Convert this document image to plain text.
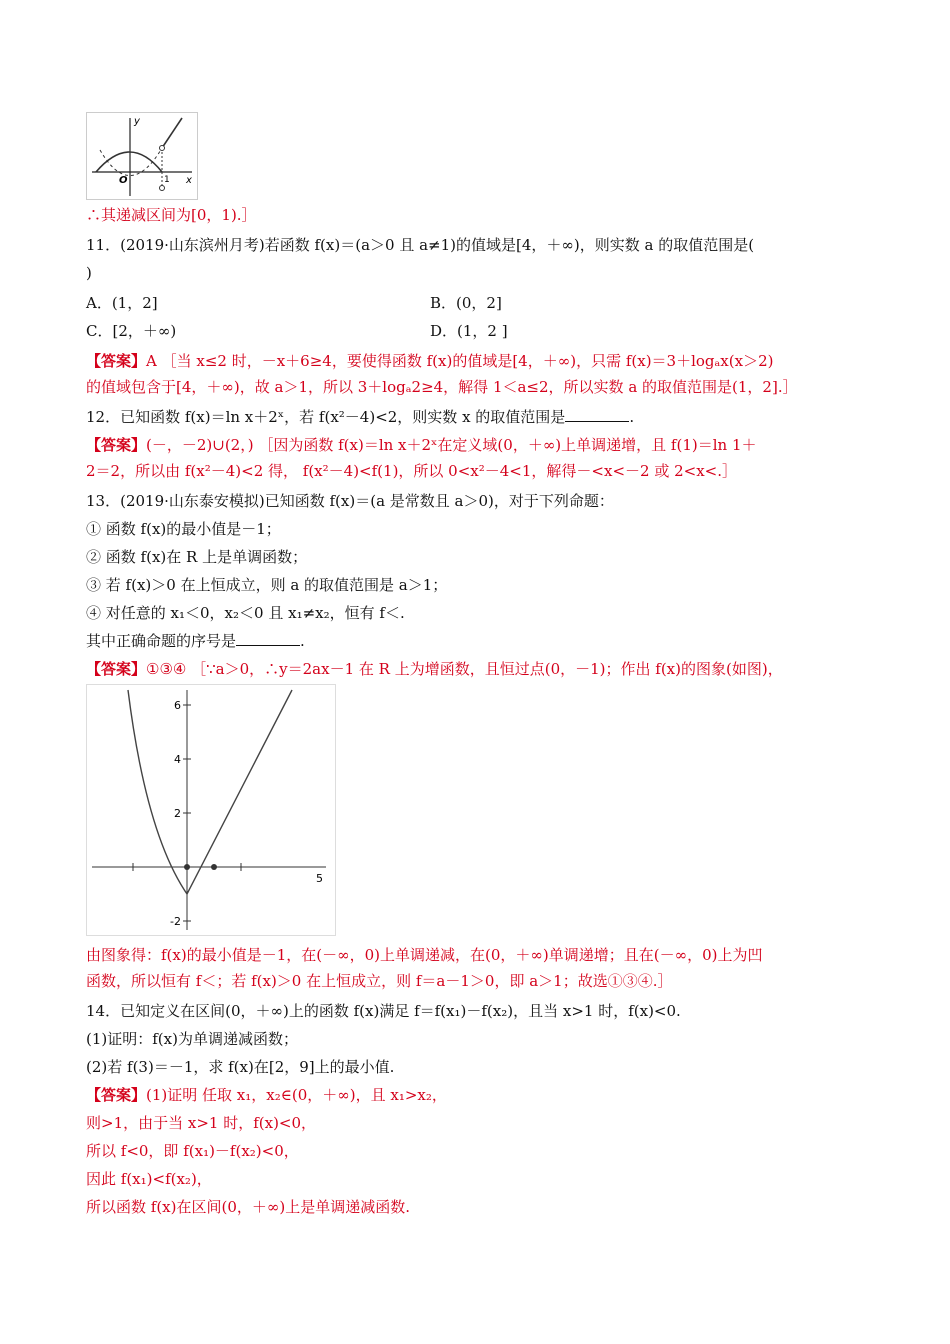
y
x
O	1
∴其递减区间为[0，1).］
11．(2019·山东滨州月考)若函数 f(x)＝(a＞0 且 a≠1)的值域是[4，＋∞)，则实数 a 的取值范围是(
)
A．(1，2]	B．(0，2]
C．[2，＋∞)	D．(1，2 ]
【答案】A ［当 x≤2 时，－x＋6≥4，要使得函数 f(x)的值域是[4，＋∞)，只需 f(x)＝3＋logₐx(x＞2)
的值域包含于[4，＋∞)，故 a＞1，所以 3＋logₐ2≥4，解得 1＜a≤2，所以实数 a 的取值范围是(1，2].］
12．已知函数 f(x)＝ln x＋2ˣ，若 f(x²－4)<2，则实数 x 的取值范围是	.
【答案】(－，－2)∪(2，) ［因为函数 f(x)＝ln x＋2ˣ在定义域(0，＋∞)上单调递增，且 f(1)＝ln 1＋
2＝2，所以由 f(x²－4)<2 得， f(x²－4)<f(1)，所以 0<x²－4<1，解得－<x<－2 或 2<x<.］
13．(2019·山东泰安模拟)已知函数 f(x)＝(a 是常数且 a＞0)，对于下列命题：
① 函数 f(x)的最小值是－1；
② 函数 f(x)在 R 上是单调函数；
③ 若 f(x)＞0 在上恒成立，则 a 的取值范围是 a＞1；
④ 对任意的 x₁＜0，x₂＜0 且 x₁≠x₂，恒有 f＜.
其中正确命题的序号是	.
【答案】①③④ ［∵a＞0，∴y＝2ax－1 在 R 上为增函数，且恒过点(0，－1)；作出 f(x)的图象(如图)，
6
4
2
-2
5
由图象得：f(x)的最小值是－1，在(－∞，0)上单调递减，在(0，＋∞)单调递增；且在(－∞，0)上为凹
函数，所以恒有 f＜；若 f(x)＞0 在上恒成立，则 f＝a－1＞0，即 a＞1；故选①③④.］
14．已知定义在区间(0，＋∞)上的函数 f(x)满足 f＝f(x₁)－f(x₂)，且当 x>1 时，f(x)<0.
(1)证明：f(x)为单调递减函数；
(2)若 f(3)＝－1，求 f(x)在[2，9]上的最小值.
【答案】(1)证明 任取 x₁，x₂∈(0，＋∞)，且 x₁>x₂，
则>1，由于当 x>1 时，f(x)<0，
所以 f<0，即 f(x₁)－f(x₂)<0，
因此 f(x₁)<f(x₂)，
所以函数 f(x)在区间(0，＋∞)上是单调递减函数.
